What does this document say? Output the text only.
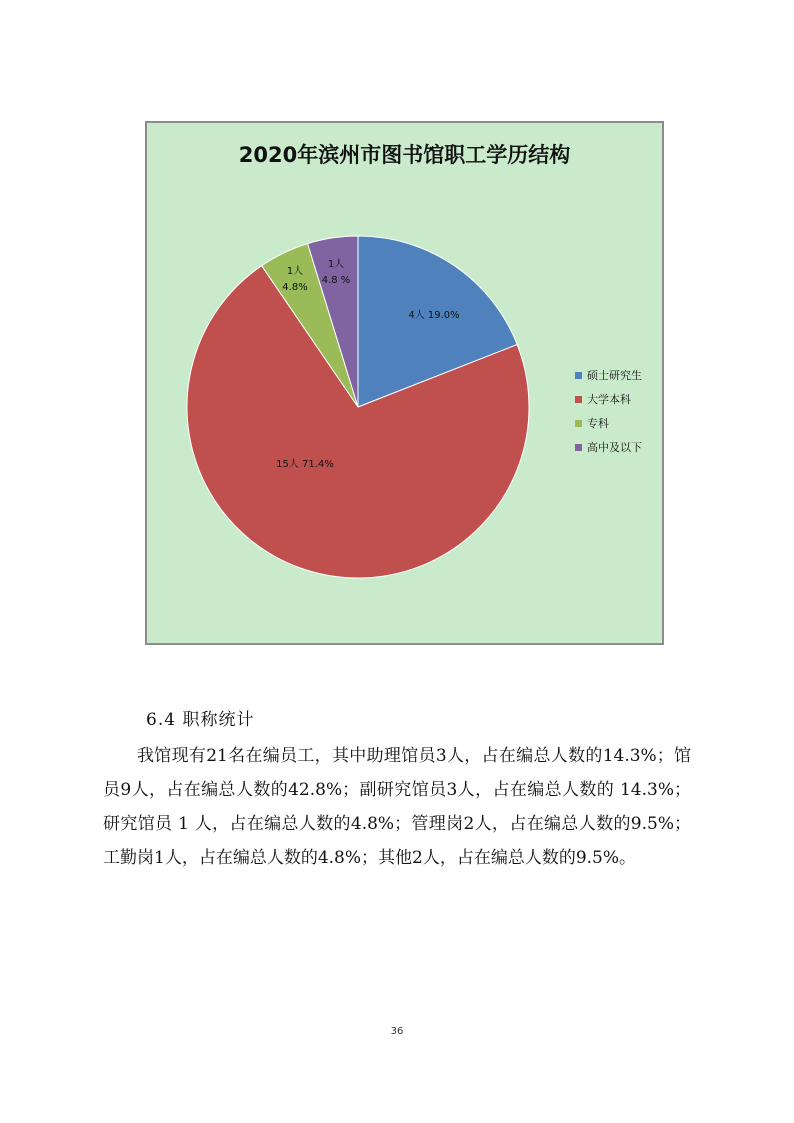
2020年滨州市图书馆职工学历结构
4人 19.0%
15人 71.4%
1人 4.8%
1人 4.8 %
硕士研究生
大学本科
专科
高中及以下
6.4 职称统计
我馆现有21名在编员工，其中助理馆员3人，占在编总人数的14.3%；馆员9人，占在编总人数的42.8%；副研究馆员3人，占在编总人数的 14.3%；研究馆员 1 人，占在编总人数的4.8%；管理岗2人，占在编总人数的9.5%；工勤岗1人，占在编总人数的4.8%；其他2人，占在编总人数的9.5%。
36
